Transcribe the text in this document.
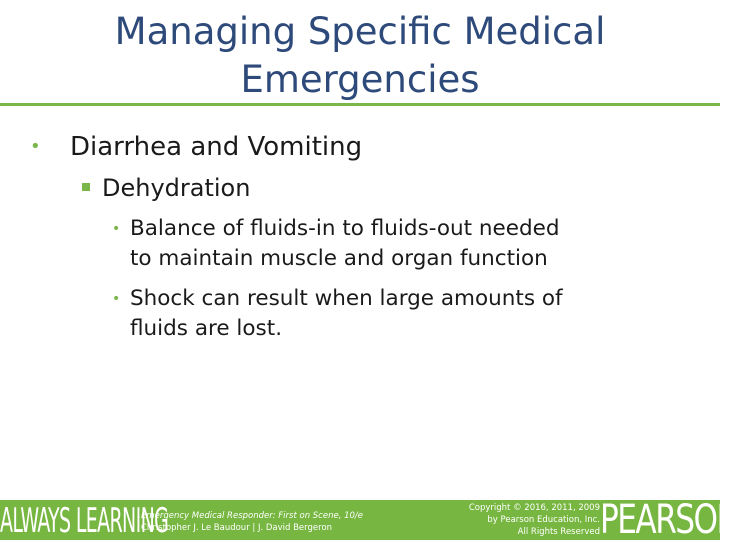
Managing Specific Medical
Emergencies
• Diarrhea and Vomiting
Dehydration
• Balance of fluids-in to fluids-out needed
to maintain muscle and organ function
• Shock can result when large amounts of
fluids are lost.
ALWAYS LEARNING
Emergency Medical Responder: First on Scene, 10/e
Christopher J. Le Baudour | J. David Bergeron
Copyright © 2016, 2011, 2009
by Pearson Education, Inc.
All Rights Reserved PEARSON
